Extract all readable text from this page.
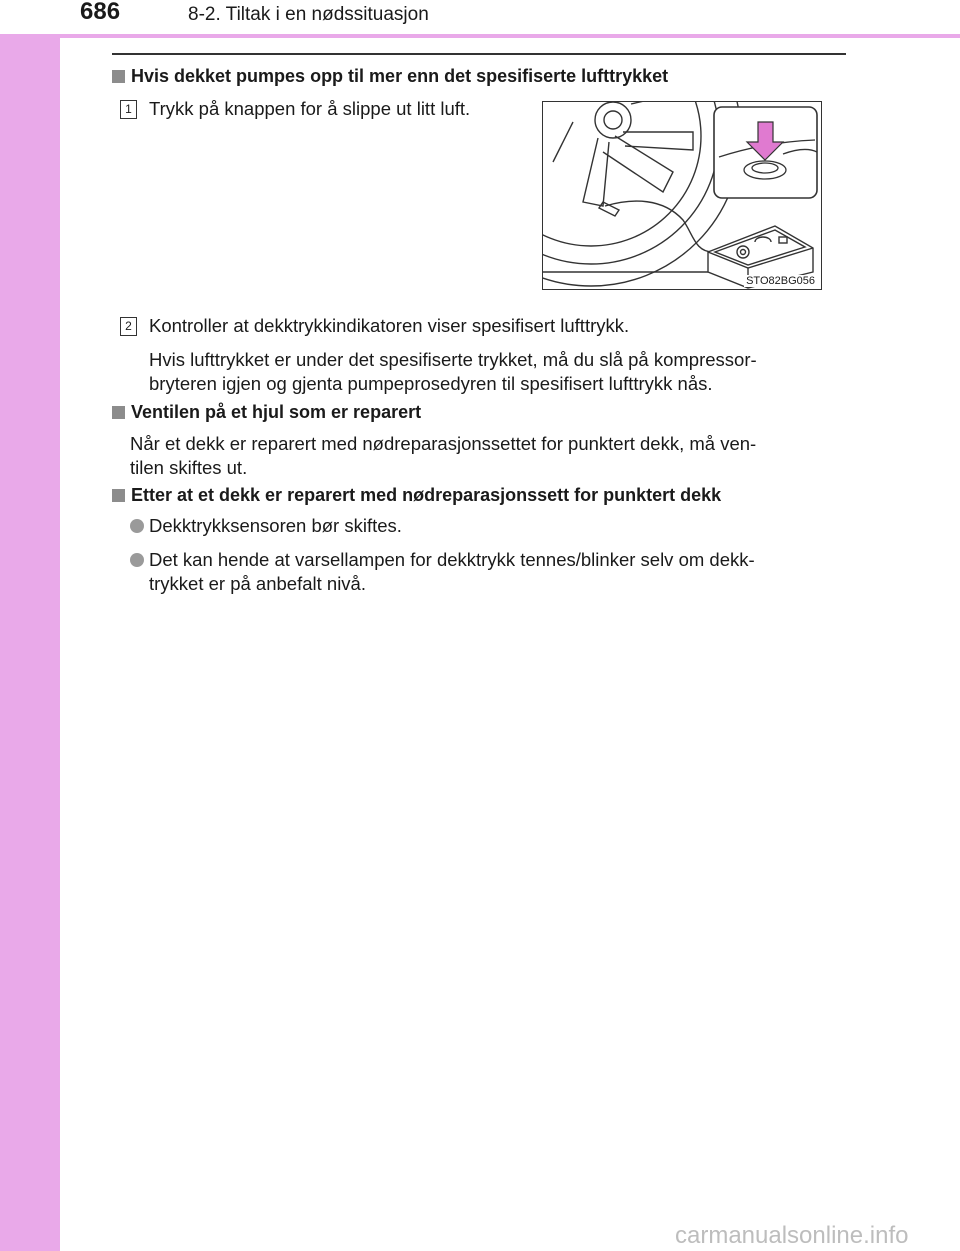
686	8-2. Tiltak i en nødssituasjon
Hvis dekket pumpes opp til mer enn det spesifiserte lufttrykket
1 Trykk på knappen for å slippe ut litt luft.
STO82BG056
2 Kontroller at dekktrykkindikatoren viser spesifisert lufttrykk.
Hvis lufttrykket er under det spesifiserte trykket, må du slå på kompressor-
bryteren igjen og gjenta pumpeprosedyren til spesifisert lufttrykk nås.
Ventilen på et hjul som er reparert
Når et dekk er reparert med nødreparasjonssettet for punktert dekk, må ven-
tilen skiftes ut.
Etter at et dekk er reparert med nødreparasjonssett for punktert dekk
Dekktrykksensoren bør skiftes.
Det kan hende at varsellampen for dekktrykk tennes/blinker selv om dekk-
trykket er på anbefalt nivå.
carmanualsonline.info
